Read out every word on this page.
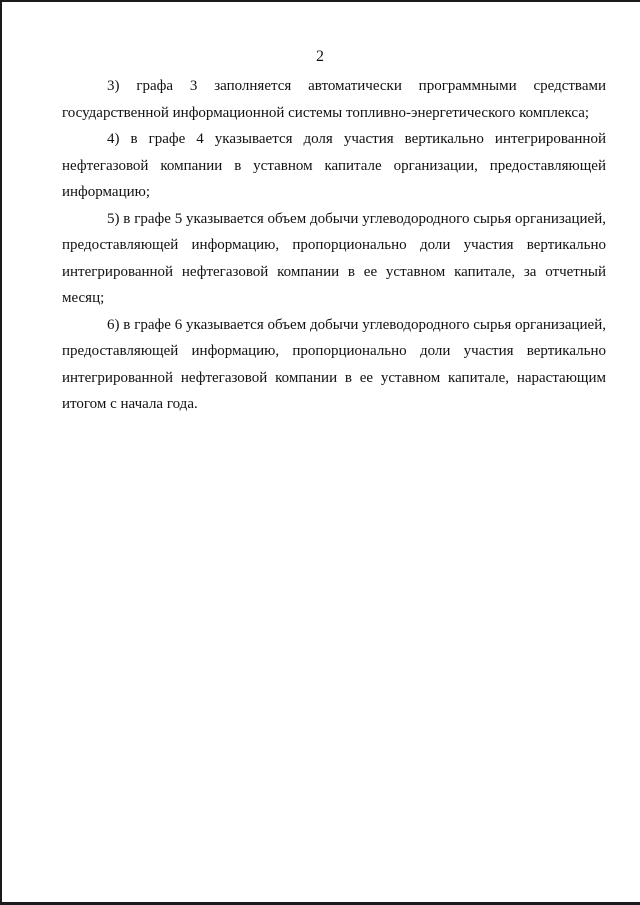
2

3) графа 3 заполняется автоматически программными средствами государственной информационной системы топливно-энергетического комплекса;

4) в графе 4 указывается доля участия вертикально интегрированной нефтегазовой компании в уставном капитале организации, предоставляющей информацию;

5) в графе 5 указывается объем добычи углеводородного сырья организацией, предоставляющей информацию, пропорционально доли участия вертикально интегрированной нефтегазовой компании в ее уставном капитале, за отчетный месяц;

6) в графе 6 указывается объем добычи углеводородного сырья организацией, предоставляющей информацию, пропорционально доли участия вертикально интегрированной нефтегазовой компании в ее уставном капитале, нарастающим итогом с начала года.
